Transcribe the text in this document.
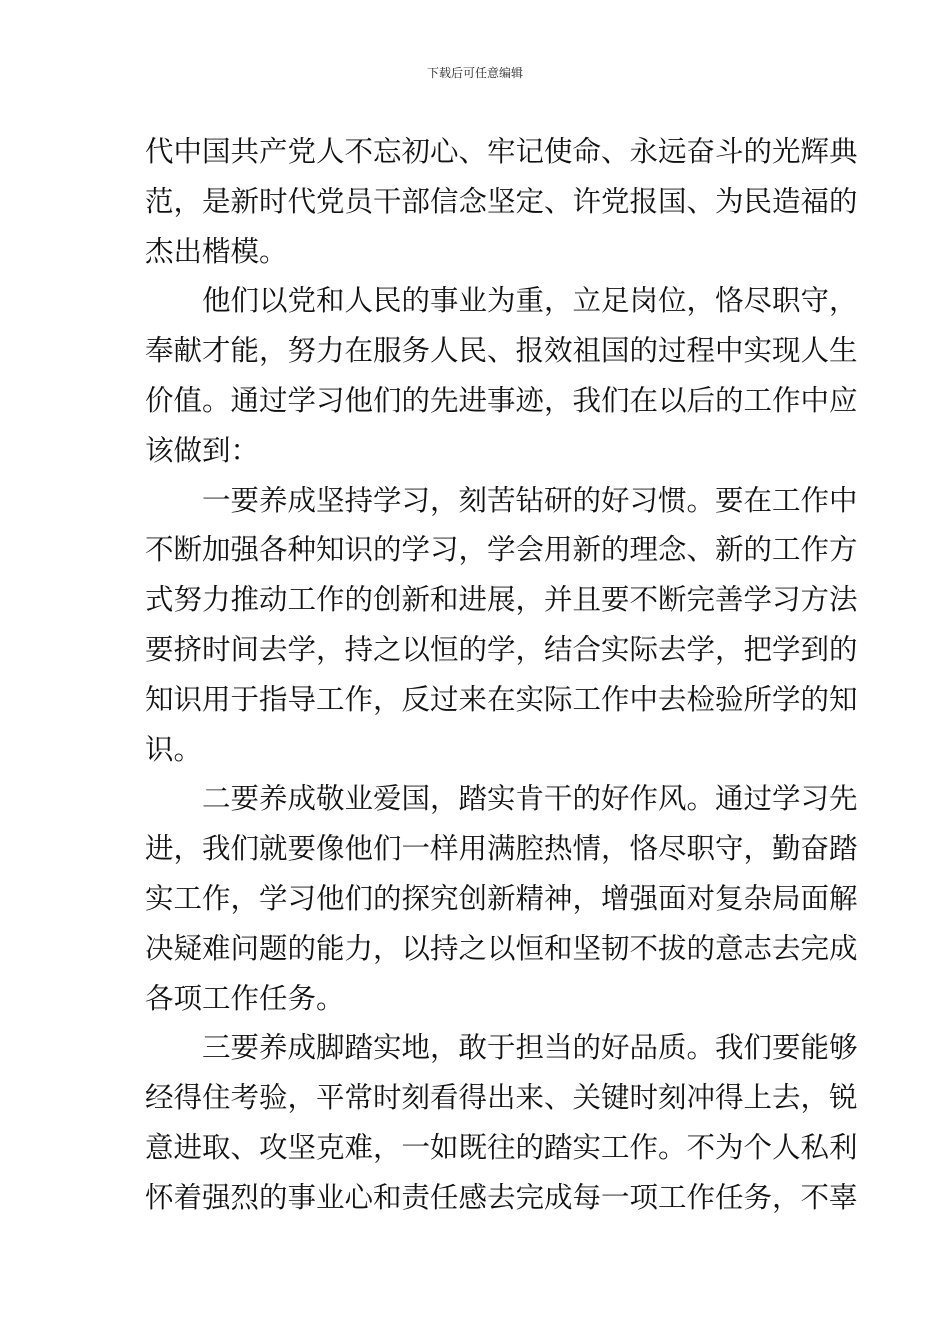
下载后可任意编辑
代中国共产党人不忘初心、牢记使命、永远奋斗的光辉典
范，是新时代党员干部信念坚定、许党报国、为民造福的
杰出楷模。
他们以党和人民的事业为重，立足岗位，恪尽职守，
奉献才能，努力在服务人民、报效祖国的过程中实现人生
价值。通过学习他们的先进事迹，我们在以后的工作中应
该做到：
一要养成坚持学习，刻苦钻研的好习惯。要在工作中
不断加强各种知识的学习，学会用新的理念、新的工作方
式努力推动工作的创新和进展，并且要不断完善学习方法
要挤时间去学，持之以恒的学，结合实际去学，把学到的
知识用于指导工作，反过来在实际工作中去检验所学的知
识。
二要养成敬业爱国，踏实肯干的好作风。通过学习先
进，我们就要像他们一样用满腔热情，恪尽职守，勤奋踏
实工作，学习他们的探究创新精神，增强面对复杂局面解
决疑难问题的能力，以持之以恒和坚韧不拔的意志去完成
各项工作任务。
三要养成脚踏实地，敢于担当的好品质。我们要能够
经得住考验，平常时刻看得出来、关键时刻冲得上去，锐
意进取、攻坚克难，一如既往的踏实工作。不为个人私利
怀着强烈的事业心和责任感去完成每一项工作任务，不辜
